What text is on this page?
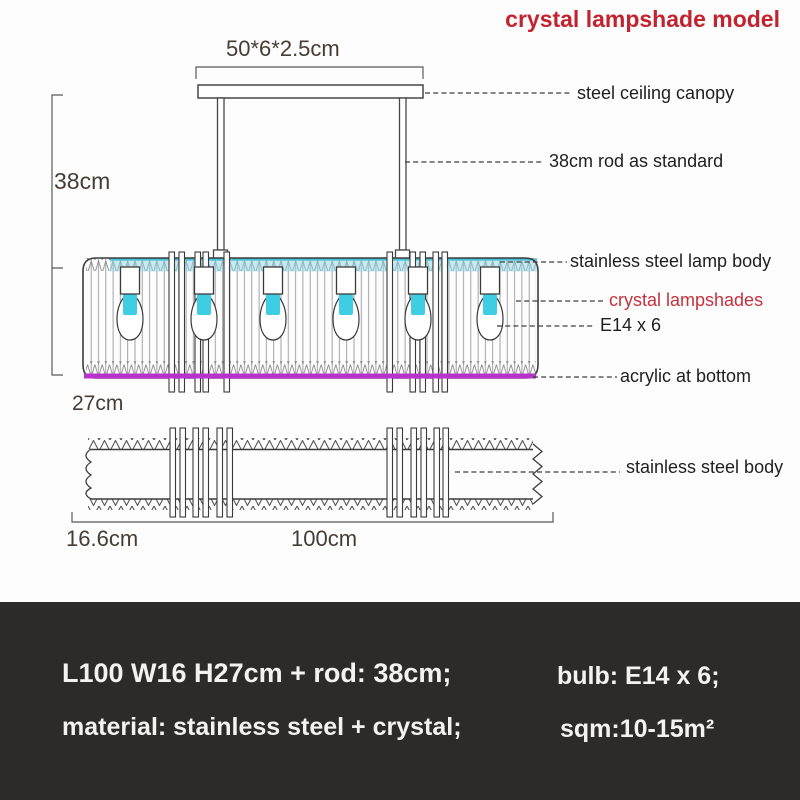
crystal lampshade model
50*6*2.5cm
38cm
27cm
16.6cm	100cm
steel ceiling canopy
38cm rod as standard
stainless steel lamp body
crystal lampshades
E14 x 6
acrylic at bottom
stainless steel body
L100 W16 H27cm + rod: 38cm;	bulb: E14 x 6;
material: stainless steel + crystal;	sqm:10-15m²
